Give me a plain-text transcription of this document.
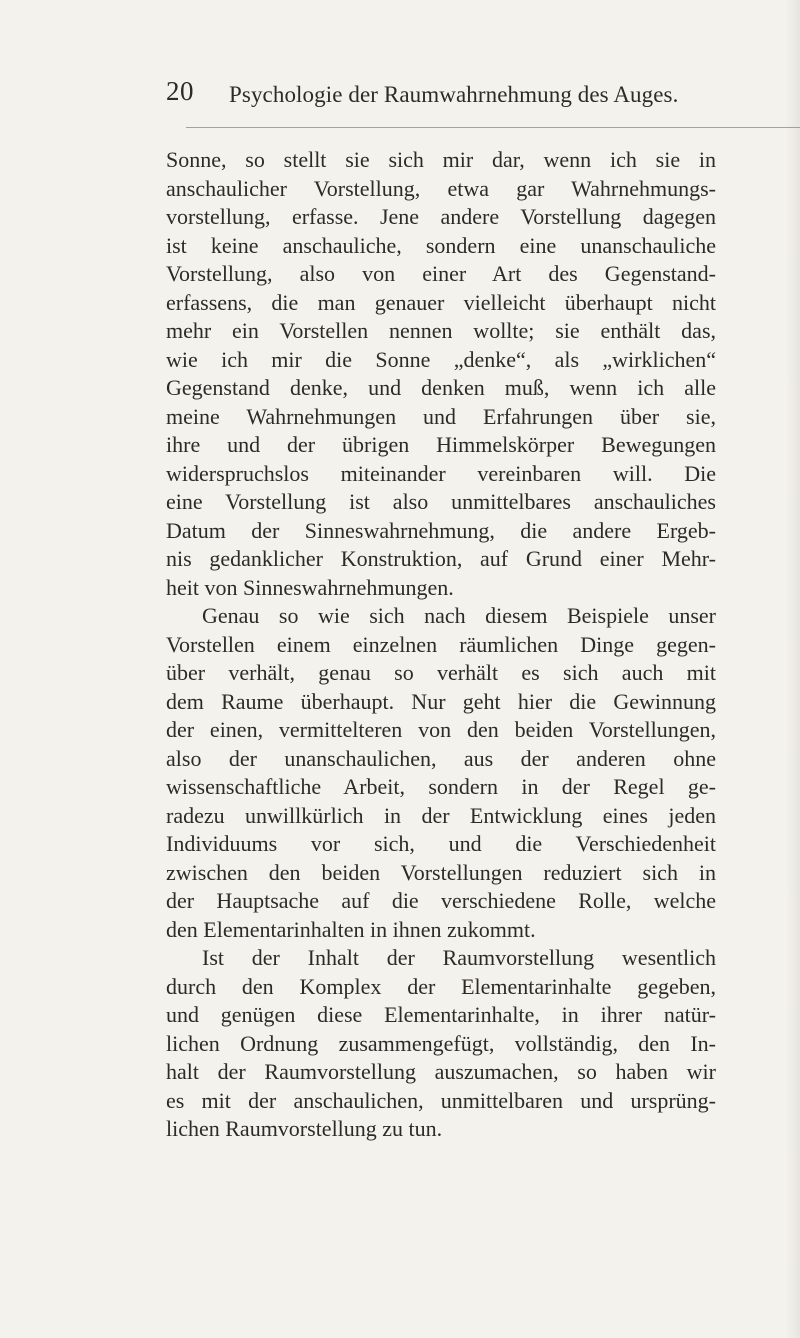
20 Psychologie der Raumwahrnehmung des Auges.

Sonne, so stellt sie sich mir dar, wenn ich sie in
anschaulicher Vorstellung, etwa gar Wahrnehmungs-
vorstellung, erfasse. Jene andere Vorstellung dagegen
ist keine anschauliche, sondern eine unanschauliche
Vorstellung, also von einer Art des Gegenstand-
erfassens, die man genauer vielleicht überhaupt nicht
mehr ein Vorstellen nennen wollte; sie enthält das,
wie ich mir die Sonne „denke“, als „wirklichen“
Gegenstand denke, und denken muß, wenn ich alle
meine Wahrnehmungen und Erfahrungen über sie,
ihre und der übrigen Himmelskörper Bewegungen
widerspruchslos miteinander vereinbaren will. Die
eine Vorstellung ist also unmittelbares anschauliches
Datum der Sinneswahrnehmung, die andere Ergeb-
nis gedanklicher Konstruktion, auf Grund einer Mehr-
heit von Sinneswahrnehmungen.

Genau so wie sich nach diesem Beispiele unser
Vorstellen einem einzelnen räumlichen Dinge gegen-
über verhält, genau so verhält es sich auch mit
dem Raume überhaupt. Nur geht hier die Gewinnung
der einen, vermittelteren von den beiden Vorstellungen,
also der unanschaulichen, aus der anderen ohne
wissenschaftliche Arbeit, sondern in der Regel ge-
radezu unwillkürlich in der Entwicklung eines jeden
Individuums vor sich, und die Verschiedenheit
zwischen den beiden Vorstellungen reduziert sich in
der Hauptsache auf die verschiedene Rolle, welche
den Elementarinhalten in ihnen zukommt.

Ist der Inhalt der Raumvorstellung wesentlich
durch den Komplex der Elementarinhalte gegeben,
und genügen diese Elementarinhalte, in ihrer natür-
lichen Ordnung zusammengefügt, vollständig, den In-
halt der Raumvorstellung auszumachen, so haben wir
es mit der anschaulichen, unmittelbaren und ursprüng-
lichen Raumvorstellung zu tun.
